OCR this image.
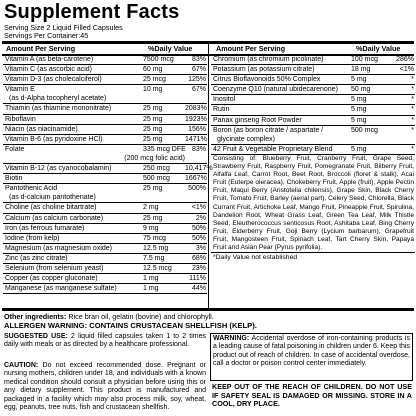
Supplement Facts
Serving Size 2 Liquid Filled Capsules
Servings Per Container:45
Amount Per Serving	%Daily Value	Amount Per Serving	%Daily Value
Vitamin A (as beta-carotene)	7500 mcg	83%
Vitamin C (as ascorbic acid)	60 mg	67%
Vitamin D-3 (as cholecalciferol)	25 mcg	125%
Vitamin E	10 mg	67%
(as d-Alpha tocopheryl acetate)
Thiamin (as thiamine mononitrate)	25 mg	2083%
Riboflavin	25 mg	1923%
Niacin (as niacinamide)	25 mg	156%
Vitamin B-6 (as pyridoxine HCl)	25 mg	1471%
Folate	335 mcg DFE 83%
(200 mcg folic acid)
Vitamin B-12 (as cyanocobalamin)	250 mcg	10,417%
Biotin	500 mcg	1667%
Pantothenic Acid	25 mg	500%
(as d-calcium pantothenate)
Choline (as choline bitartrate)	2 mg	<1%
Calcium (as calcium carbonate)	25 mg	2%
Iron (as ferrous fumarate)	9 mg	50%
Iodine (from kelp)	75 mcg	50%
Magnesium (as magnesium oxide)	12.5 mg	3%
Zinc (as zinc citrate)	7.5 mg	68%
Selenium (from selenium yeast)	12.5 mcg	23%
Copper (as copper gluconate)	1 mg	111%
Manganese (as manganese sulfate)	1 mg	44%
Chromium (as chromium picolinate)	100 mcg	286%
Potassium (as potassium citrate)	18 mg	<1%
Citrus Bioflavonoids 50% Complex	5 mg	*
Coenzyme Q10 (natural ubidecarenone) 50 mg	*
Inositol	5 mg	*
Rutin	5 mg	*
Panax ginseng Root Powder	5 mg	*
Boron (as boron citrate / aspartate /	500 mcg	*
glycinate complex)
42 Fruit & Vegetable Proprietary Blend	5 mg	*
Consisting of: Blueberry Fruit, Cranberry Fruit, Grape Seed, Strawberry Fruit, Raspberry Fruit, Pomegranate Fruit, Bilberry Fruit, Alfalfa Leaf, Carrot Root, Beet Root, Broccoli (floret & stalk), Acai Fruit (Euterpe oleracea), Chokeberry Fruit, Apple (fruit), Apple Pectin Fruit, Maqui Berry (Aristotelia chilensis), Grape Skin, Black Cherry Fruit, Tomato Fruit, Barley (aerial part), Celery Seed, Chlorella, Black Currant Fruit, Artichoke Leaf, Mango Fruit, Pineapple Fruit, Spirulina, Dandelion Root, Wheat Grass Leaf, Green Tea Leaf, Milk Thistle Seed, Eleutherococcus senticosus Root, Ashitaba Leaf, Bing Cherry Fruit, Elderberry Fruit, Goji Berry (Lycium barbarum), Grapefruit Fruit, Mangosteen Fruit, Spinach Leaf, Tart Cherry Skin, Papaya Fruit and Asian Pear (Pyrus pyrifolia).
*Daily Value not established
Other ingredients: Rice bran oil, gelatin (bovine) and chlorophyll.
ALLERGEN WARNING: CONTAINS CRUSTACEAN SHELLFISH (KELP).
SUGGESTED USE: 2 liquid filled capsules taken 1 to 2 times daily with meals or as directed by a healthcare professional.
CAUTION: Do not exceed recommended dose. Pregnant or nursing mothers, children under 18, and individuals with a known medical condition should consult a physician before using this or any dietary supplement. This product is manufactured and packaged in a facility which may also process milk, soy, wheat, egg, peanuts, tree nuts, fish and crustacean shellfish.
WARNING: Accidental overdose of iron-containing products is a leading cause of fatal poisoning in children under 6. Keep this product out of reach of children. In case of accidental overdose, call a doctor or poison control center immediately.
KEEP OUT OF THE REACH OF CHILDREN. DO NOT USE IF SAFETY SEAL IS DAMAGED OR MISSING. STORE IN A COOL, DRY PLACE.
